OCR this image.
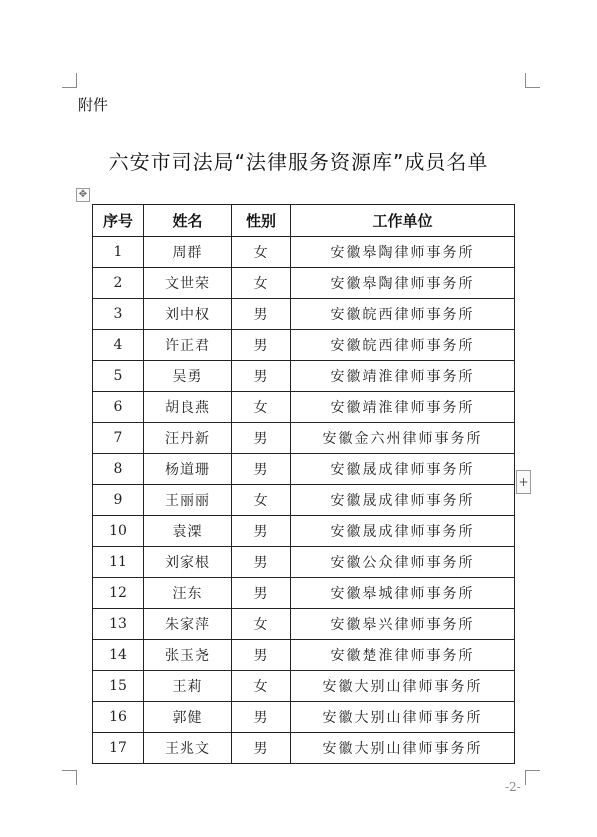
附件
六安市司法局“法律服务资源库”成员名单
✥
序号	姓名	性别	工作单位
1	周群	女	安徽皋陶律师事务所
2	文世荣	女	安徽皋陶律师事务所
3	刘中权	男	安徽皖西律师事务所
4	许正君	男	安徽皖西律师事务所
5	吴勇	男	安徽靖淮律师事务所
6	胡良燕	女	安徽靖淮律师事务所
7	汪丹新	男	安徽金六州律师事务所
8	杨道珊	男	安徽晟成律师事务所
9	王丽丽	女	安徽晟成律师事务所
10	袁溧	男	安徽晟成律师事务所
11	刘家根	男	安徽公众律师事务所
12	汪东	男	安徽皋城律师事务所
13	朱家萍	女	安徽皋兴律师事务所
14	张玉尧	男	安徽楚淮律师事务所
15	王莉	女	安徽大别山律师事务所
16	郭健	男	安徽大别山律师事务所
17	王兆文	男	安徽大别山律师事务所
+
-2-
